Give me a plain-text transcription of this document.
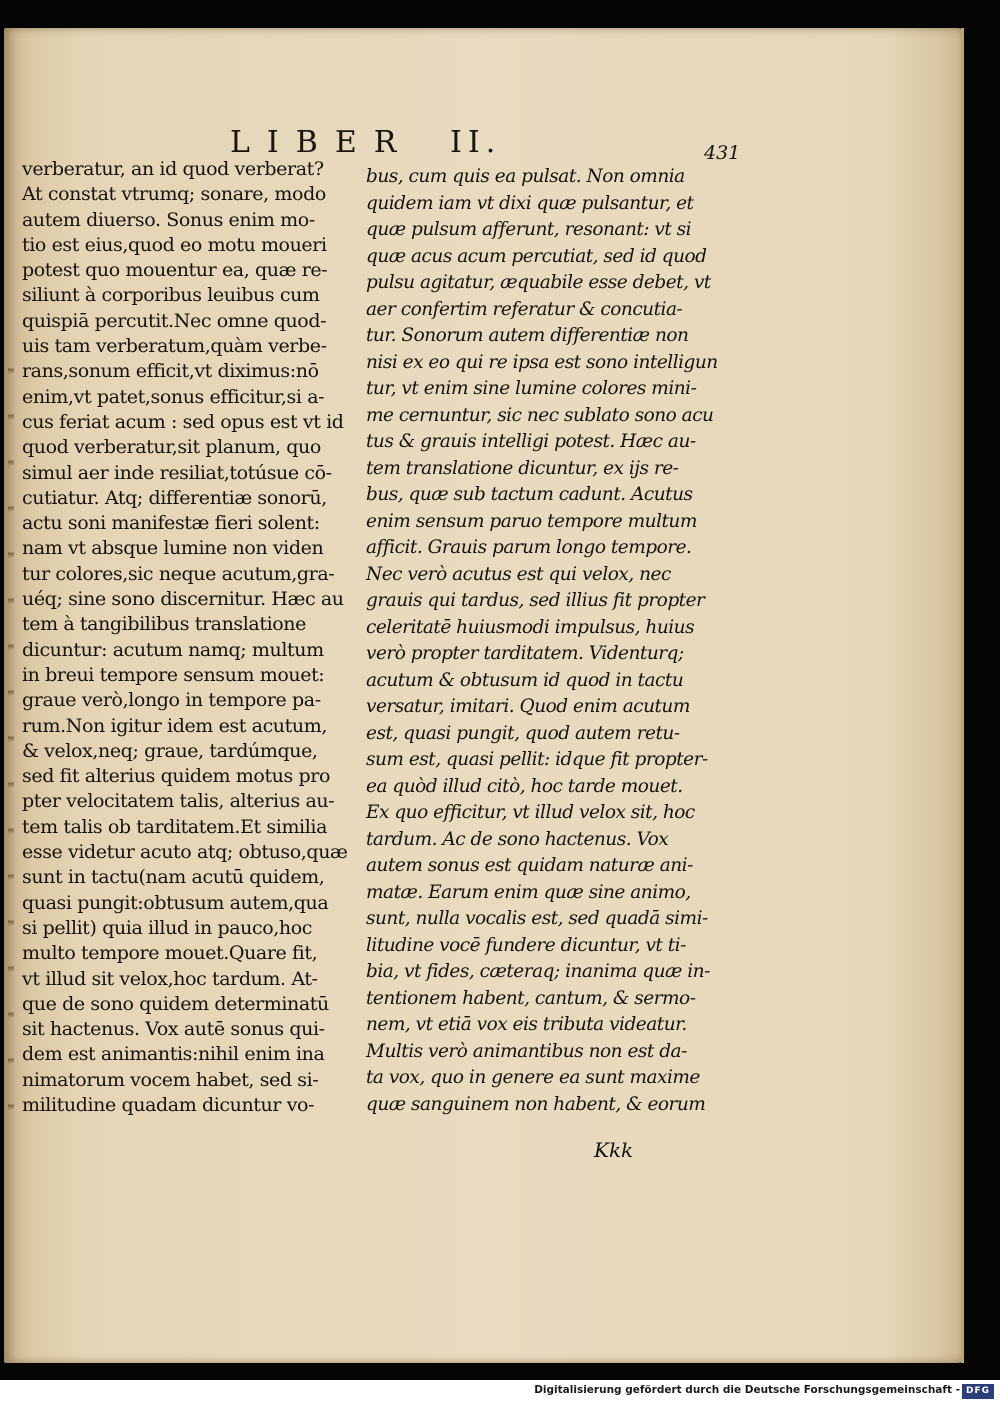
LIBER II.	431
verberatur, an id quod verberat?
At constat vtrumq; sonare, modo
autem diuerso. Sonus enim mo-
tio est eius,quod eo motu moueri
potest quo mouentur ea, quæ re-
siliunt à corporibus leuibus cum
quispiā percutit.Nec omne quod-
uis tam verberatum,quàm verbe-
rans,sonum efficit,vt diximus:nō
enim,vt patet,sonus efficitur,si a-
cus feriat acum : sed opus est vt id
quod verberatur,sit planum, quo
simul aer inde resiliat,totúsue cō-
cutiatur. Atq; differentiæ sonorū,
actu soni manifestæ fieri solent:
nam vt absque lumine non viden
tur colores,sic neque acutum,gra-
uéq; sine sono discernitur. Hæc au
tem à tangibilibus translatione
dicuntur: acutum namq; multum
in breui tempore sensum mouet:
graue verò,longo in tempore pa-
rum.Non igitur idem est acutum,
& velox,neq; graue, tardúmque,
sed fit alterius quidem motus pro
pter velocitatem talis, alterius au-
tem talis ob tarditatem.Et similia
esse videtur acuto atq; obtuso,quæ
sunt in tactu(nam acutū quidem,
quasi pungit:obtusum autem,qua
si pellit) quia illud in pauco,hoc
multo tempore mouet.Quare fit,
vt illud sit velox,hoc tardum. At-
que de sono quidem determinatū
sit hactenus. Vox autē sonus qui-
dem est animantis:nihil enim ina
nimatorum vocem habet, sed si-
militudine quadam dicuntur vo-
bus, cum quis ea pulsat. Non omnia
quidem iam vt dixi quæ pulsantur, et
quæ pulsum afferunt, resonant: vt si
quæ acus acum percutiat, sed id quod
pulsu agitatur, æquabile esse debet, vt
aer confertim referatur & concutia-
tur. Sonorum autem differentiæ non
nisi ex eo qui re ipsa est sono intelligun
tur, vt enim sine lumine colores mini-
me cernuntur, sic nec sublato sono acu
tus & grauis intelligi potest. Hæc au-
tem translatione dicuntur, ex ijs re-
bus, quæ sub tactum cadunt. Acutus
enim sensum paruo tempore multum
afficit. Grauis parum longo tempore.
Nec verò acutus est qui velox, nec
grauis qui tardus, sed illius fit propter
celeritatē huiusmodi impulsus, huius
verò propter tarditatem. Videnturq;
acutum & obtusum id quod in tactu
versatur, imitari. Quod enim acutum
est, quasi pungit, quod autem retu-
sum est, quasi pellit: idque fit propter-
ea quòd illud citò, hoc tarde mouet.
Ex quo efficitur, vt illud velox sit, hoc
tardum. Ac de sono hactenus. Vox
autem sonus est quidam naturæ ani-
matæ. Earum enim quæ sine animo,
sunt, nulla vocalis est, sed quadā simi-
litudine vocē fundere dicuntur, vt ti-
bia, vt fides, cæteraq; inanima quæ in-
tentionem habent, cantum, & sermo-
nem, vt etiā vox eis tributa videatur.
Multis verò animantibus non est da-
ta vox, quo in genere ea sunt maxime
quæ sanguinem non habent, & eorum
Kkk
Digitalisierung gefördert durch die Deutsche Forschungsgemeinschaft - DFG
